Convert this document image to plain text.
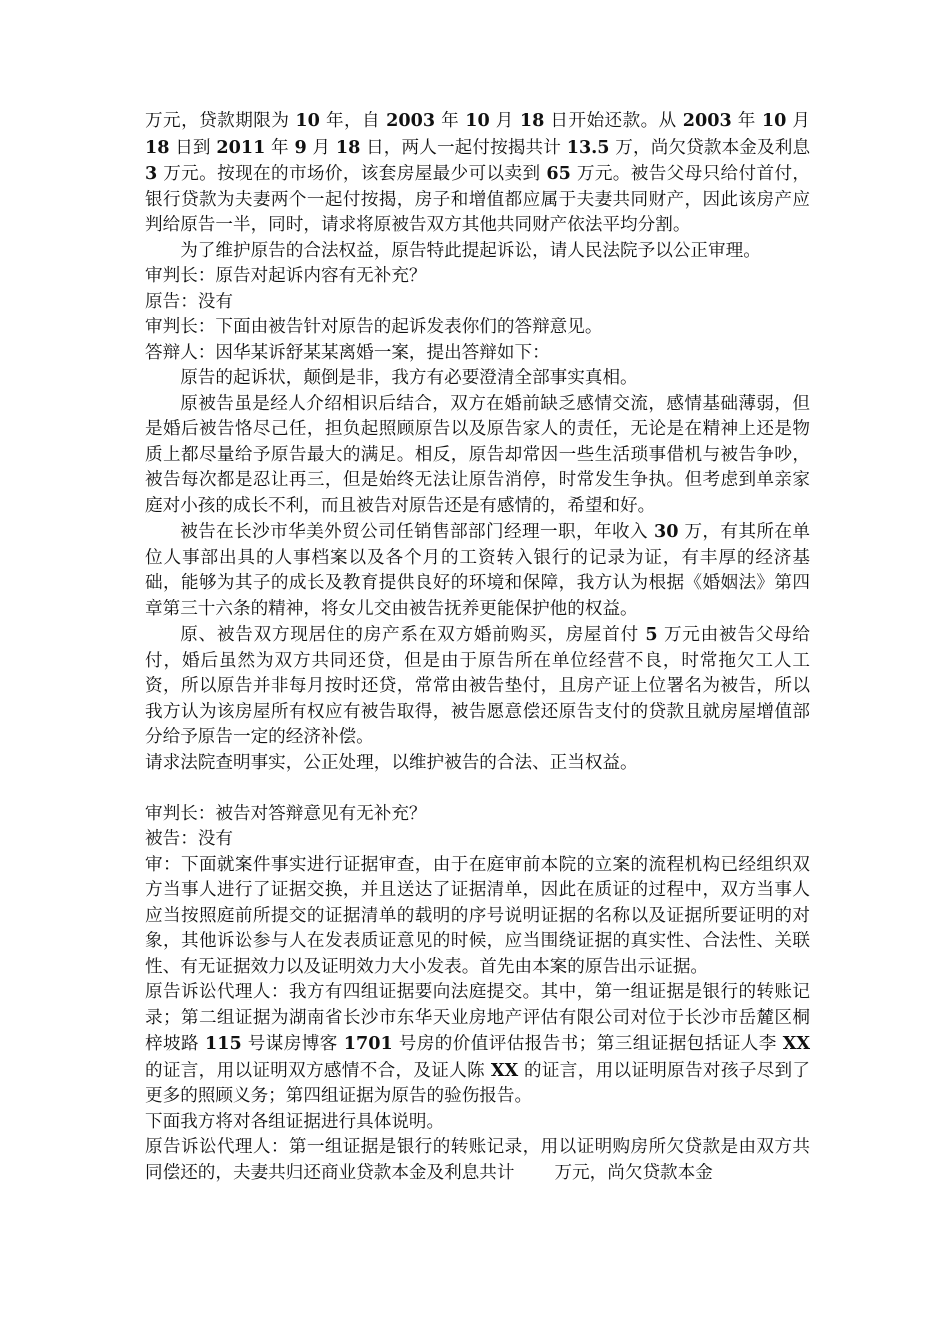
万元，贷款期限为 10 年，自 2003 年 10 月 18 日开始还款。从 2003 年 10 月 18 日到 2011 年 9 月 18 日，两人一起付按揭共计 13.5 万，尚欠贷款本金及利息 3 万元。按现在的市场价，该套房屋最少可以卖到 65 万元。被告父母只给付首付，银行贷款为夫妻两个一起付按揭，房子和增值都应属于夫妻共同财产，因此该房产应判给原告一半，同时，请求将原被告双方其他共同财产依法平均分割。

为了维护原告的合法权益，原告特此提起诉讼，请人民法院予以公正审理。

审判长：原告对起诉内容有无补充？

原告：没有

审判长：下面由被告针对原告的起诉发表你们的答辩意见。

答辩人：因华某诉舒某某离婚一案，提出答辩如下：

原告的起诉状，颠倒是非，我方有必要澄清全部事实真相。

原被告虽是经人介绍相识后结合，双方在婚前缺乏感情交流，感情基础薄弱，但是婚后被告恪尽己任，担负起照顾原告以及原告家人的责任，无论是在精神上还是物质上都尽量给予原告最大的满足。相反，原告却常因一些生活琐事借机与被告争吵，被告每次都是忍让再三，但是始终无法让原告消停，时常发生争执。但考虑到单亲家庭对小孩的成长不利，而且被告对原告还是有感情的，希望和好。

被告在长沙市华美外贸公司任销售部部门经理一职，年收入 30 万，有其所在单位人事部出具的人事档案以及各个月的工资转入银行的记录为证，有丰厚的经济基础，能够为其子的成长及教育提供良好的环境和保障，我方认为根据《婚姻法》第四章第三十六条的精神，将女儿交由被告抚养更能保护他的权益。

原、被告双方现居住的房产系在双方婚前购买，房屋首付 5 万元由被告父母给付，婚后虽然为双方共同还贷，但是由于原告所在单位经营不良，时常拖欠工人工资，所以原告并非每月按时还贷，常常由被告垫付，且房产证上位署名为被告，所以我方认为该房屋所有权应有被告取得，被告愿意偿还原告支付的贷款且就房屋增值部分给予原告一定的经济补偿。

请求法院查明事实，公正处理，以维护被告的合法、正当权益。

审判长：被告对答辩意见有无补充？

被告：没有

审：下面就案件事实进行证据审查，由于在庭审前本院的立案的流程机构已经组织双方当事人进行了证据交换，并且送达了证据清单，因此在质证的过程中，双方当事人应当按照庭前所提交的证据清单的载明的序号说明证据的名称以及证据所要证明的对象，其他诉讼参与人在发表质证意见的时候，应当围绕证据的真实性、合法性、关联性、有无证据效力以及证明效力大小发表。首先由本案的原告出示证据。

原告诉讼代理人：我方有四组证据要向法庭提交。其中，第一组证据是银行的转账记录；第二组证据为湖南省长沙市东华天业房地产评估有限公司对位于长沙市岳麓区桐梓坡路 115 号谋房博客 1701 号房的价值评估报告书；第三组证据包括证人李 XX 的证言，用以证明双方感情不合，及证人陈 XX 的证言，用以证明原告对孩子尽到了更多的照顾义务；第四组证据为原告的验伤报告。

下面我方将对各组证据进行具体说明。

原告诉讼代理人：第一组证据是银行的转账记录，用以证明购房所欠贷款是由双方共同偿还的，夫妻共归还商业贷款本金及利息共计 万元，尚欠贷款本金
